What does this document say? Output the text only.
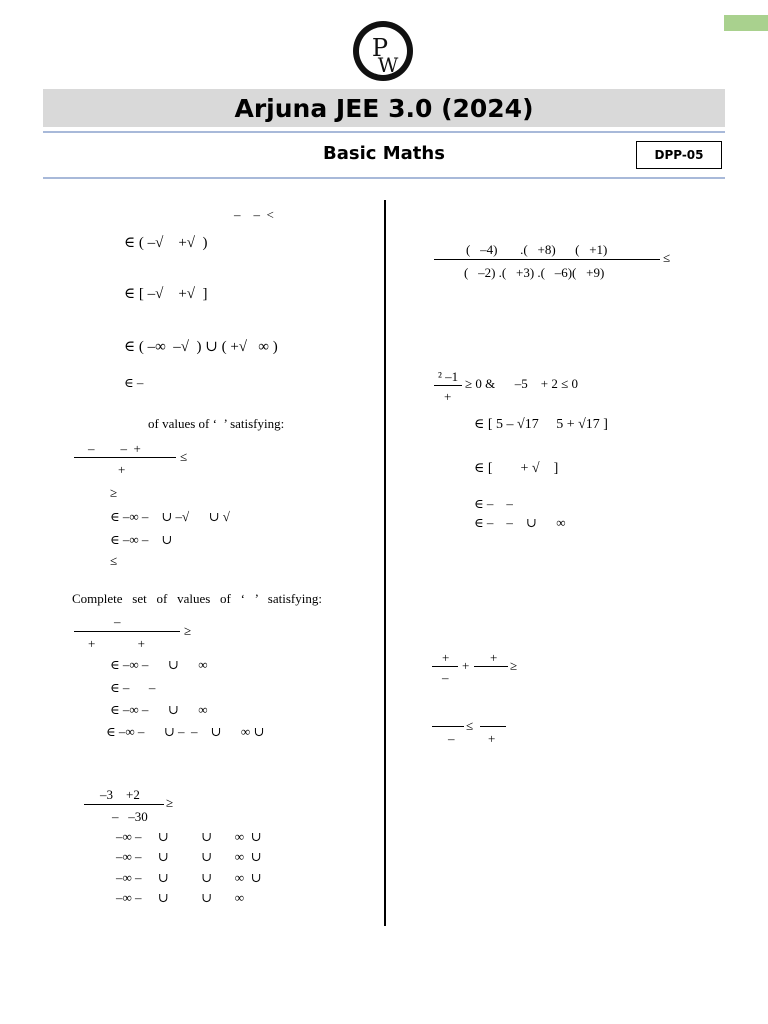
P
W
Arjuna JEE 3.0 (2024)
Basic Maths	DPP-05
–    –  <
∈ ( –√    +√  )
∈ [ –√    +√  ]
∈ ( –∞  –√  ) ∪ ( +√   ∞ )
∈ –
of values of ‘  ’ satisfying:
–        –  +
+
≤
≥
∈ –∞ –    ∪ –√      ∪ √
∈ –∞ –    ∪
≤
Complete   set   of   values   of   ‘   ’   satisfying:
–
+             +
≥
∈ –∞ –      ∪      ∞
∈ –      –
∈ –∞ –      ∪      ∞
∈ –∞ –      ∪ –  –    ∪      ∞ ∪
–3    +2
–   –30
≥
–∞ –     ∪          ∪       ∞  ∪
–∞ –     ∪          ∪       ∞  ∪
–∞ –     ∪          ∪       ∞  ∪
–∞ –     ∪          ∪       ∞
(   –4)       .(   +8)      (   +1)
(   –2) .(   +3) .(   –6)(   +9)
≤
² –1
+
≥ 0 &      –5    + 2 ≤ 0
∈ [ 5 – √17     5 + √17 ]
∈ [        + √    ]
∈ –    –
∈ –    –    ∪      ∞
+
–
+
+
≥
–
≤
+
